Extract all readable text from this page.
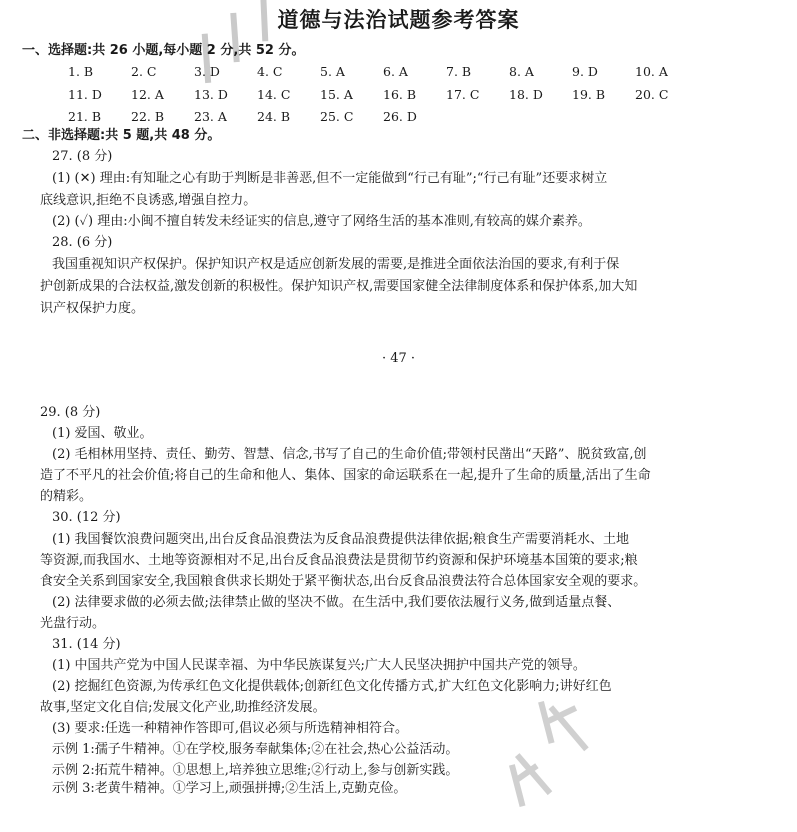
道德与法治试题参考答案
一、选择题:共 26 小题,每小题 2 分,共 52 分。
1. B	2. C	3. D	4. C	5. A	6. A	7. B	8. A	9. D	10. A
11. D 12. A 13. D 14. C 15. A 16. B 17. C 18. D 19. B 20. C
21. B 22. B 23. A 24. B 25. C 26. D
二、非选择题:共 5 题,共 48 分。
27. (8 分)
(1) (✕) 理由:有知耻之心有助于判断是非善恶,但不一定能做到“行己有耻”;“行己有耻”还要求树立
底线意识,拒绝不良诱惑,增强自控力。
(2) (✓) 理由:小闽不擅自转发未经证实的信息,遵守了网络生活的基本准则,有较高的媒介素养。
28. (6 分)
我国重视知识产权保护。保护知识产权是适应创新发展的需要,是推进全面依法治国的要求,有利于保
护创新成果的合法权益,激发创新的积极性。保护知识产权,需要国家健全法律制度体系和保护体系,加大知
识产权保护力度。
· 47 ·
29. (8 分)
(1) 爱国、敬业。
(2) 毛相林用坚持、责任、勤劳、智慧、信念,书写了自己的生命价值;带领村民凿出“天路”、脱贫致富,创
造了不平凡的社会价值;将自己的生命和他人、集体、国家的命运联系在一起,提升了生命的质量,活出了生命
的精彩。
30. (12 分)
(1) 我国餐饮浪费问题突出,出台反食品浪费法为反食品浪费提供法律依据;粮食生产需要消耗水、土地
等资源,而我国水、土地等资源相对不足,出台反食品浪费法是贯彻节约资源和保护环境基本国策的要求;粮
食安全关系到国家安全,我国粮食供求长期处于紧平衡状态,出台反食品浪费法符合总体国家安全观的要求。
(2) 法律要求做的必须去做;法律禁止做的坚决不做。在生活中,我们要依法履行义务,做到适量点餐、
光盘行动。
31. (14 分)
(1) 中国共产党为中国人民谋幸福、为中华民族谋复兴;广大人民坚决拥护中国共产党的领导。
(2) 挖掘红色资源,为传承红色文化提供载体;创新红色文化传播方式,扩大红色文化影响力;讲好红色
故事,坚定文化自信;发展文化产业,助推经济发展。
(3) 要求:任选一种精神作答即可,倡议必须与所选精神相符合。
示例 1:孺子牛精神。①在学校,服务奉献集体;②在社会,热心公益活动。
示例 2:拓荒牛精神。①思想上,培养独立思维;②行动上,参与创新实践。
示例 3:老黄牛精神。①学习上,顽强拼搏;②生活上,克勤克俭。
